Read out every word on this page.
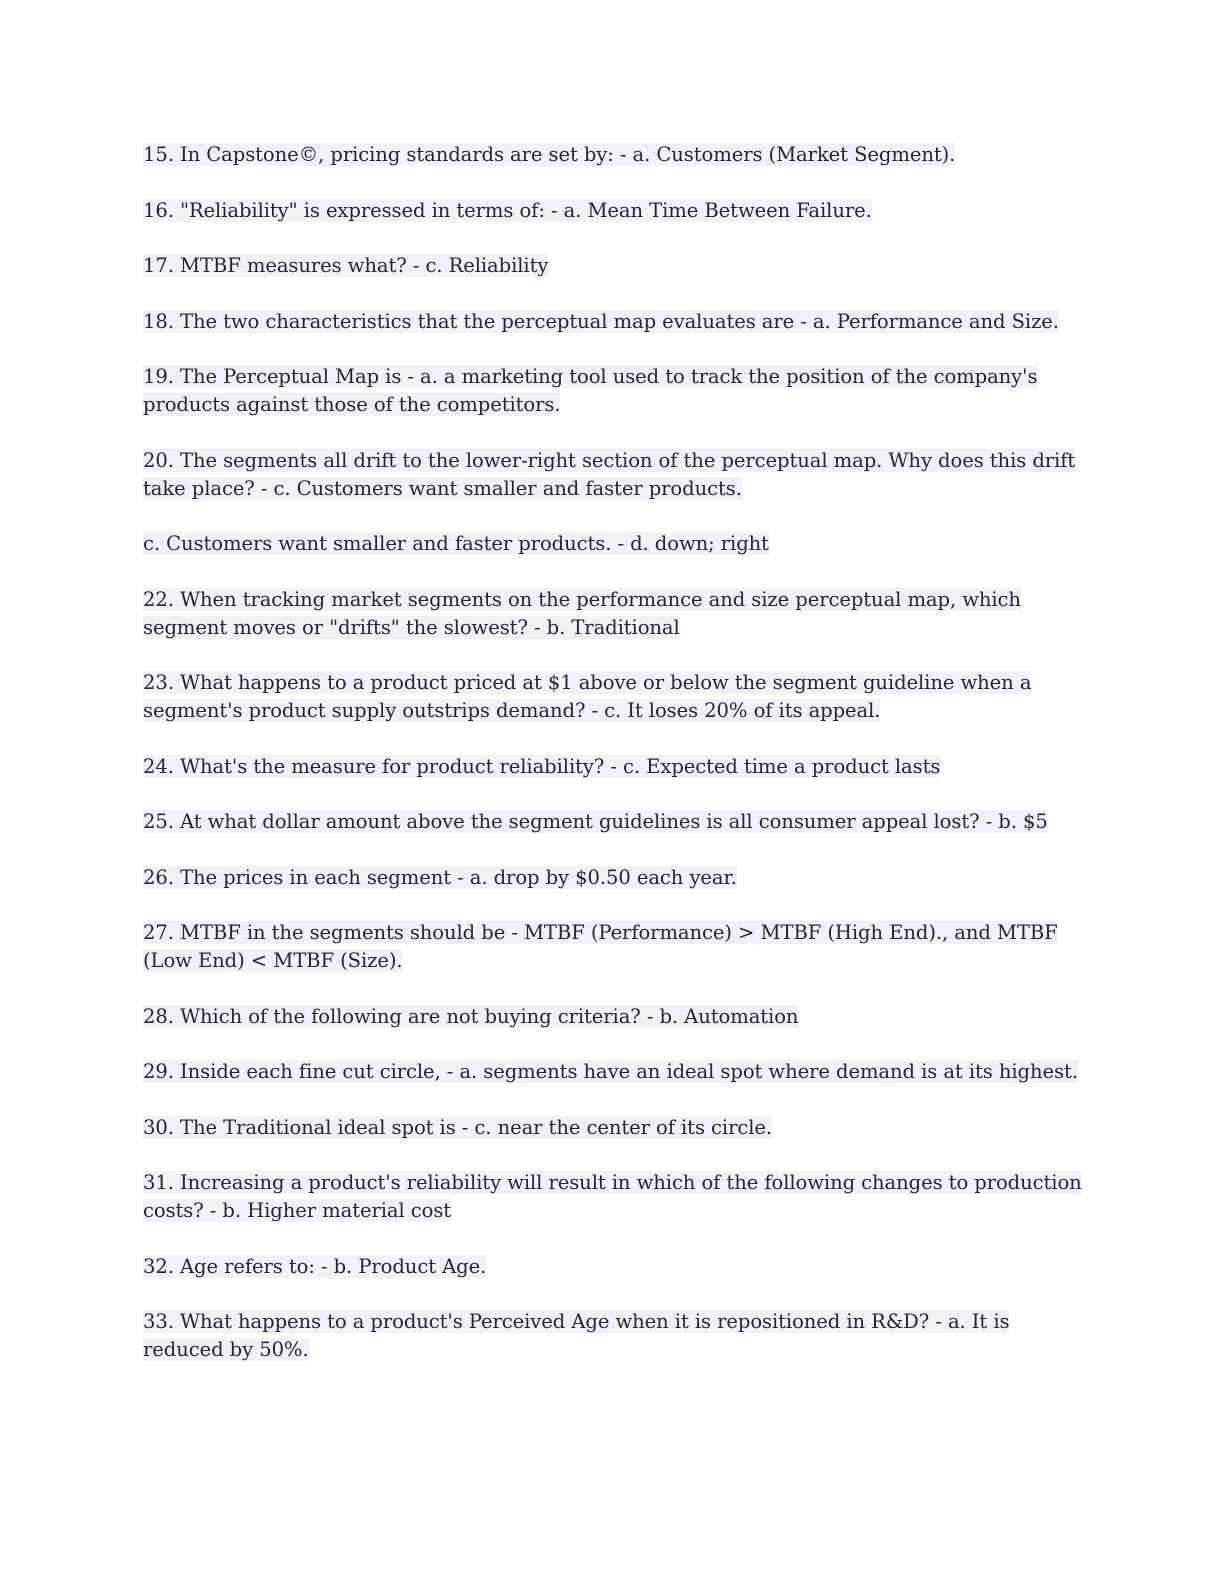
15. In Capstone©, pricing standards are set by: - a. Customers (Market Segment).

16. "Reliability" is expressed in terms of: - a. Mean Time Between Failure.

17. MTBF measures what? - c. Reliability

18. The two characteristics that the perceptual map evaluates are - a. Performance and Size.

19. The Perceptual Map is - a. a marketing tool used to track the position of the company's products against those of the competitors.

20. The segments all drift to the lower-right section of the perceptual map. Why does this drift take place? - c. Customers want smaller and faster products.

c. Customers want smaller and faster products. - d. down; right

22. When tracking market segments on the performance and size perceptual map, which segment moves or "drifts" the slowest? - b. Traditional

23. What happens to a product priced at $1 above or below the segment guideline when a segment's product supply outstrips demand? - c. It loses 20% of its appeal.

24. What's the measure for product reliability? - c. Expected time a product lasts

25. At what dollar amount above the segment guidelines is all consumer appeal lost? - b. $5

26. The prices in each segment - a. drop by $0.50 each year.

27. MTBF in the segments should be - MTBF (Performance) > MTBF (High End)., and MTBF (Low End) < MTBF (Size).

28. Which of the following are not buying criteria? - b. Automation

29. Inside each fine cut circle, - a. segments have an ideal spot where demand is at its highest.

30. The Traditional ideal spot is - c. near the center of its circle.

31. Increasing a product's reliability will result in which of the following changes to production costs? - b. Higher material cost

32. Age refers to: - b. Product Age.

33. What happens to a product's Perceived Age when it is repositioned in R&D? - a. It is reduced by 50%.
